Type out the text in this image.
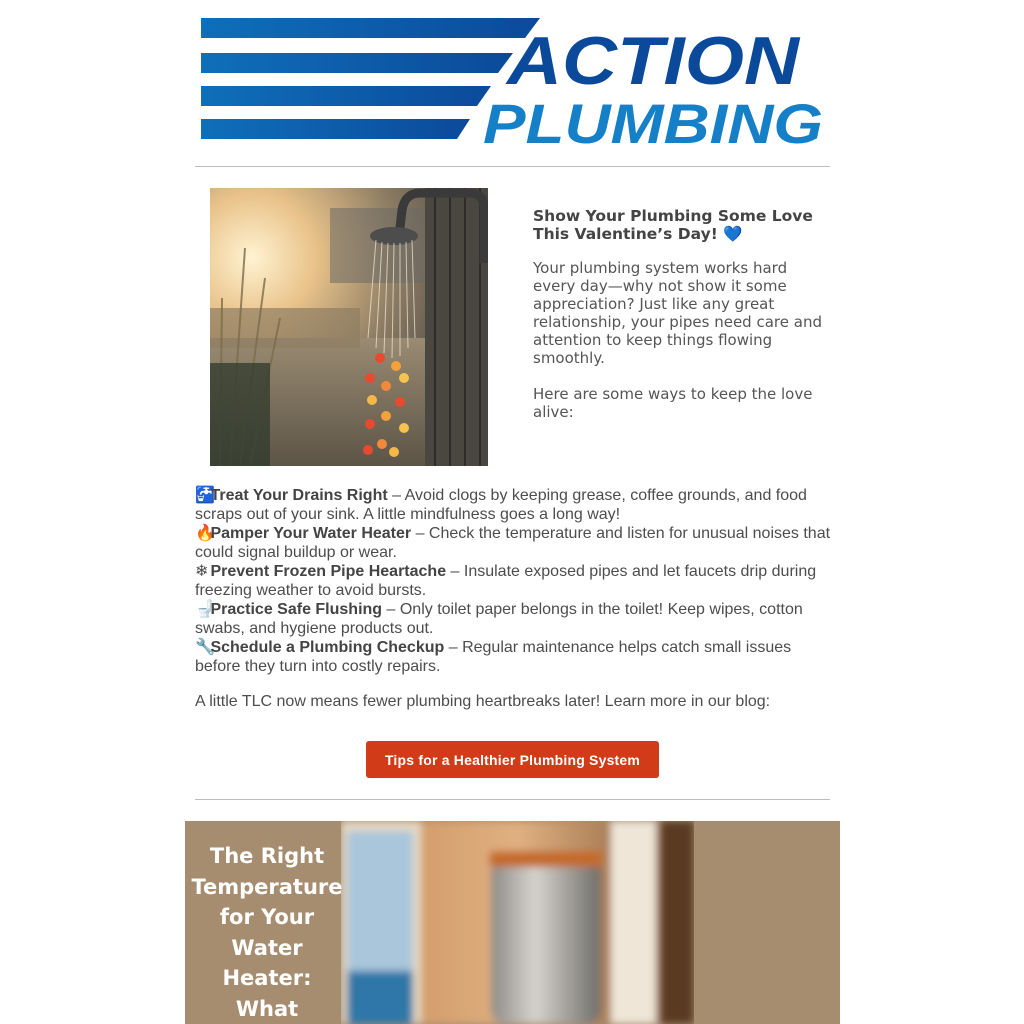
ACTION
PLUMBING
Show Your Plumbing Some Love This Valentine’s Day! 💙

Your plumbing system works hard every day—why not show it some appreciation? Just like any great relationship, your pipes need care and attention to keep things flowing smoothly.

Here are some ways to keep the love alive:

🚰 Treat Your Drains Right – Avoid clogs by keeping grease, coffee grounds, and food scraps out of your sink. A little mindfulness goes a long way!

🔥 Pamper Your Water Heater – Check the temperature and listen for unusual noises that could signal buildup or wear.

❄ Prevent Frozen Pipe Heartache – Insulate exposed pipes and let faucets drip during freezing weather to avoid bursts.

🚽 Practice Safe Flushing – Only toilet paper belongs in the toilet! Keep wipes, cotton swabs, and hygiene products out.

🔧 Schedule a Plumbing Checkup – Regular maintenance helps catch small issues before they turn into costly repairs.

A little TLC now means fewer plumbing heartbreaks later! Learn more in our blog:

Tips for a Healthier Plumbing System
The Right
Temperature
for Your
Water
Heater:
What
